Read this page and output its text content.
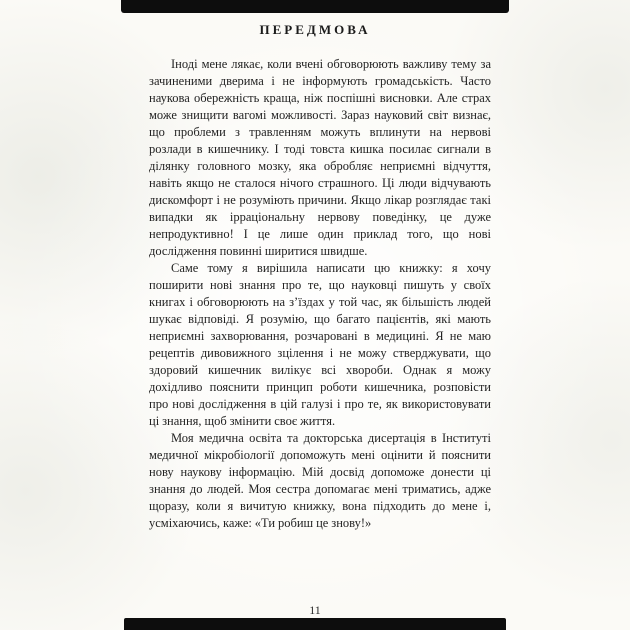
ПЕРЕДМОВА

Іноді мене лякає, коли вчені обговорюють важливу тему за зачиненими дверима і не інформують громадськість. Часто наукова обережність краща, ніж поспішні висновки. Але страх може знищити вагомі можливості. Зараз науковий світ визнає, що проблеми з травленням можуть вплинути на нервові розлади в кишечнику. І тоді товста кишка посилає сигнали в ділянку головного мозку, яка обробляє неприємні відчуття, навіть якщо не сталося нічого страшного. Ці люди відчувають дискомфорт і не розуміють причини. Якщо лікар розглядає такі випадки як ірраціональну нервову поведінку, це дуже непродуктивно! І це лише один приклад того, що нові дослідження повинні ширитися швидше.

Саме тому я вирішила написати цю книжку: я хочу поширити нові знання про те, що науковці пишуть у своїх книгах і обговорюють на з’їздах у той час, як більшість людей шукає відповіді. Я розумію, що багато пацієнтів, які мають неприємні захворювання, розчаровані в медицині. Я не маю рецептів дивовижного зцілення і не можу стверджувати, що здоровий кишечник вилікує всі хвороби. Однак я можу дохідливо пояснити принцип роботи кишечника, розповісти про нові дослідження в цій галузі і про те, як використовувати ці знання, щоб змінити своє життя.

Моя медична освіта та докторська дисертація в Інституті медичної мікробіології допоможуть мені оцінити й пояснити нову наукову інформацію. Мій досвід допоможе донести ці знання до людей. Моя сестра допомагає мені триматись, адже щоразу, коли я вичитую книжку, вона підходить до мене і, усміхаючись, каже: «Ти робиш це знову!»

11
